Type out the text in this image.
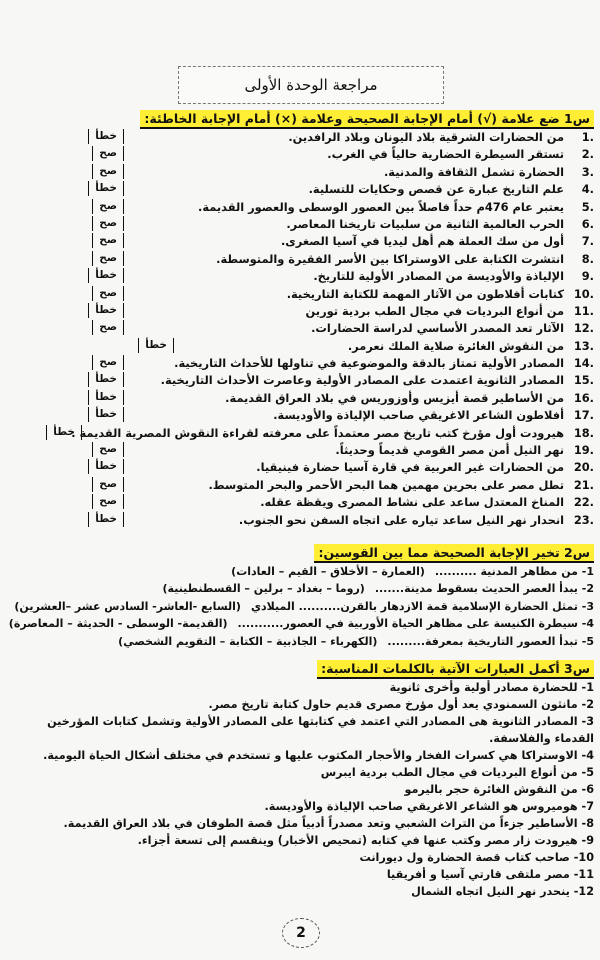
مراجعة الوحدة الأولى
س1 ضع علامة (√) أمام الإجابة الصحيحة وعلامة (×) أمام الإجابة الخاطئة:
.1 من الحضارات الشرقية بلاد اليونان وبلاد الرافدين.
خطأ
.2 تستقر السيطرة الحضارية حالياً في الغرب.
صح
.3 الحضارة تشمل الثقافة والمدنية.
صح
.4 علم التاريخ عبارة عن قصص وحكايات للتسلية.
خطأ
.5 يعتبر عام 476م حداً فاصلاً بين العصور الوسطى والعصور القديمة.
صح
.6 الحرب العالمية الثانية من سلبيات تاريخنا المعاصر.
صح
.7 أول من سك العملة هم أهل ليديا في آسيا الصغرى.
صح
.8 انتشرت الكتابة على الاوستراكا بين الأسر الفقيرة والمتوسطة.
صح
.9 الإلياذة والأوديسة من المصادر الأولية للتاريخ.
خطأ
.10 كتابات أفلاطون من الآثار المهمة للكتابة التاريخية.
صح
.11 من أنواع البرديات في مجال الطب بردية تورين
خطأ
.12 الآثار تعد المصدر الأساسي لدراسة الحضارات.
صح
.13 من النقوش الغائرة صلاية الملك نعرمر.
خطأ
.14 المصادر الأولية تمتاز بالدقة والموضوعية في تناولها للأحداث التاريخية.
صح
.15 المصادر الثانوية اعتمدت على المصادر الأولية وعاصرت الأحداث التاريخية.
خطأ
.16 من الأساطير قصة أيزيس وأوزوريس في بلاد العراق القديمة.
خطأ
.17 أفلاطون الشاعر الاغريقي صاحب الإلياذة والأوديسة.
خطأ
.18 هيرودت أول مؤرخ كتب تاريخ مصر معتمداً على معرفته لقراءة النقوش المصرية القديمة .
خطأ
.19 نهر النيل أمن مصر القومي قديماً وحديثاً.
صح
.20 من الحضارات غير العربية في قارة آسيا حضارة فينيقيا.
خطأ
.21 تطل مصر على بحرين مهمين هما البحر الأحمر والبحر المتوسط.
صح
.22 المناخ المعتدل ساعد على نشاط المصرى ويقظة عقله.
صح
.23 انحدار نهر النيل ساعد تياره على اتجاه السفن نحو الجنوب.
خطأ
س2 تخير الإجابة الصحيحة مما بين القوسين:
1- من مظاهر المدنية ..........(العمارة – الأخلاق – القيم – العادات)
2- يبدأ العصر الحديث بسقوط مدينة.......(روما – بغداد – برلين – القسطنطينية)
3- تمثل الحضارة الإسلامية قمة الازدهار بالقرن.......... الميلادي(السابع -العاشر- السادس عشر –العشرين)
4- سيطرة الكنيسة على مظاهر الحياة الأوربية في العصور...........(القديمة- الوسطى - الحديثة – المعاصرة)
5- تبدأ العصور التاريخية بمعرفة.........(الكهرباء – الجاذبية – الكتابة – التقويم الشخصي)
س3 أكمل العبارات الآتية بالكلمات المناسبة:
1- للحضارة مصادر أولية وأخرى ثانوية
2- مانثون السمنودي يعد أول مؤرخ مصرى قديم حاول كتابة تاريخ مصر.
3- المصادر الثانوية هى المصادر التي اعتمد في كتابتها على المصادر الأولية وتشمل كتابات المؤرخين القدماء والفلاسفة.
4- الاوستراكا هي كسرات الفخار والأحجار المكتوب عليها و تستخدم في مختلف أشكال الحياة اليومية.
5- من أنواع البرديات في مجال الطب بردية ايبرس
6- من النقوش الغائرة حجر باليرمو
7- هوميروس هو الشاعر الاغريقي صاحب الإلياذة والأوديسة.
8- الأساطير جزءاً من التراث الشعبي وتعد مصدراً أدبياً مثل قصة الطوفان في بلاد العراق القديمة.
9- هيرودت زار مصر وكتب عنها في كتابه (تمحيص الأخبار) وينقسم إلى تسعة أجزاء.
10- صاحب كتاب قصة الحضارة ول ديورانت
11- مصر ملتقى قارتي آسيا و أفريقيا
12- ينحدر نهر النيل اتجاه الشمال
2
